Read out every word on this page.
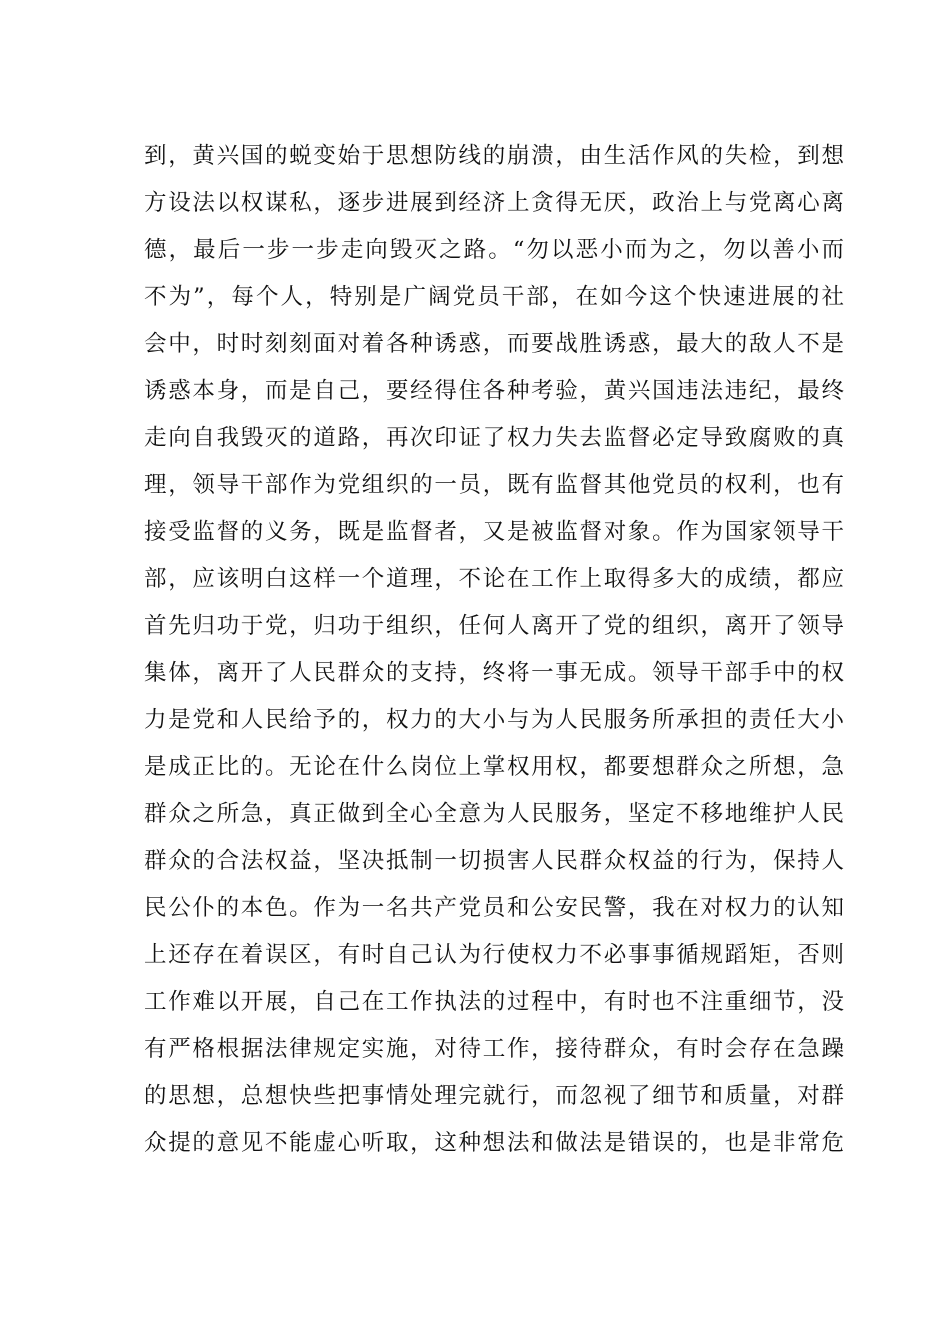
到，黄兴国的蜕变始于思想防线的崩溃，由生活作风的失检，到想
方设法以权谋私，逐步进展到经济上贪得无厌，政治上与党离心离
德，最后一步一步走向毁灭之路。“勿以恶小而为之，勿以善小而
不为”，每个人，特别是广阔党员干部，在如今这个快速进展的社
会中，时时刻刻面对着各种诱惑，而要战胜诱惑，最大的敌人不是
诱惑本身，而是自己，要经得住各种考验，黄兴国违法违纪，最终
走向自我毁灭的道路，再次印证了权力失去监督必定导致腐败的真
理，领导干部作为党组织的一员，既有监督其他党员的权利，也有
接受监督的义务，既是监督者，又是被监督对象。作为国家领导干
部，应该明白这样一个道理，不论在工作上取得多大的成绩，都应
首先归功于党，归功于组织，任何人离开了党的组织，离开了领导
集体，离开了人民群众的支持，终将一事无成。领导干部手中的权
力是党和人民给予的，权力的大小与为人民服务所承担的责任大小
是成正比的。无论在什么岗位上掌权用权，都要想群众之所想，急
群众之所急，真正做到全心全意为人民服务，坚定不移地维护人民
群众的合法权益，坚决抵制一切损害人民群众权益的行为，保持人
民公仆的本色。作为一名共产党员和公安民警，我在对权力的认知
上还存在着误区，有时自己认为行使权力不必事事循规蹈矩，否则
工作难以开展，自己在工作执法的过程中，有时也不注重细节，没
有严格根据法律规定实施，对待工作，接待群众，有时会存在急躁
的思想，总想快些把事情处理完就行，而忽视了细节和质量，对群
众提的意见不能虚心听取，这种想法和做法是错误的，也是非常危
